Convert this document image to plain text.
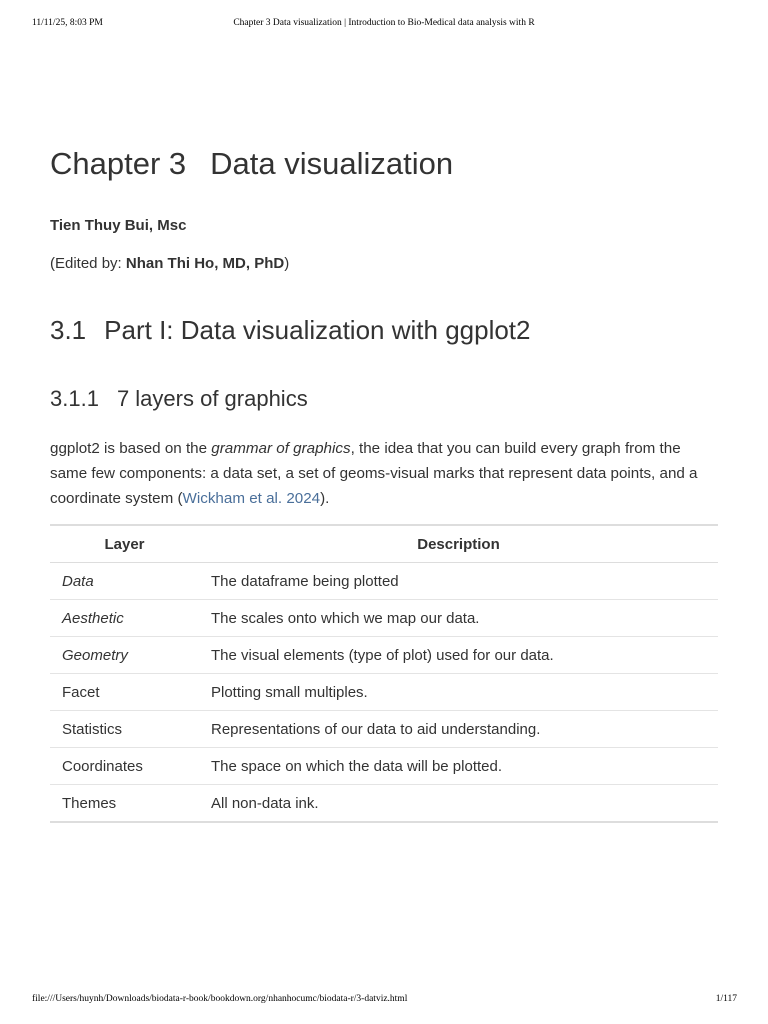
11/11/25, 8:03 PM	Chapter 3 Data visualization | Introduction to Bio-Medical data analysis with R
Chapter 3 Data visualization
Tien Thuy Bui, Msc
(Edited by: Nhan Thi Ho, MD, PhD)
3.1 Part I: Data visualization with ggplot2
3.1.1 7 layers of graphics

ggplot2 is based on the grammar of graphics, the idea that you can build every graph from the same few components: a data set, a set of geoms-visual marks that represent data points, and a coordinate system (Wickham et al. 2024).

Layer	Description
Data	The dataframe being plotted
Aesthetic	The scales onto which we map our data.
Geometry	The visual elements (type of plot) used for our data.
Facet	Plotting small multiples.
Statistics	Representations of our data to aid understanding.
Coordinates	The space on which the data will be plotted.
Themes	All non-data ink.
file:///Users/huynh/Downloads/biodata-r-book/bookdown.org/nhanhocumc/biodata-r/3-datviz.html	1/117
